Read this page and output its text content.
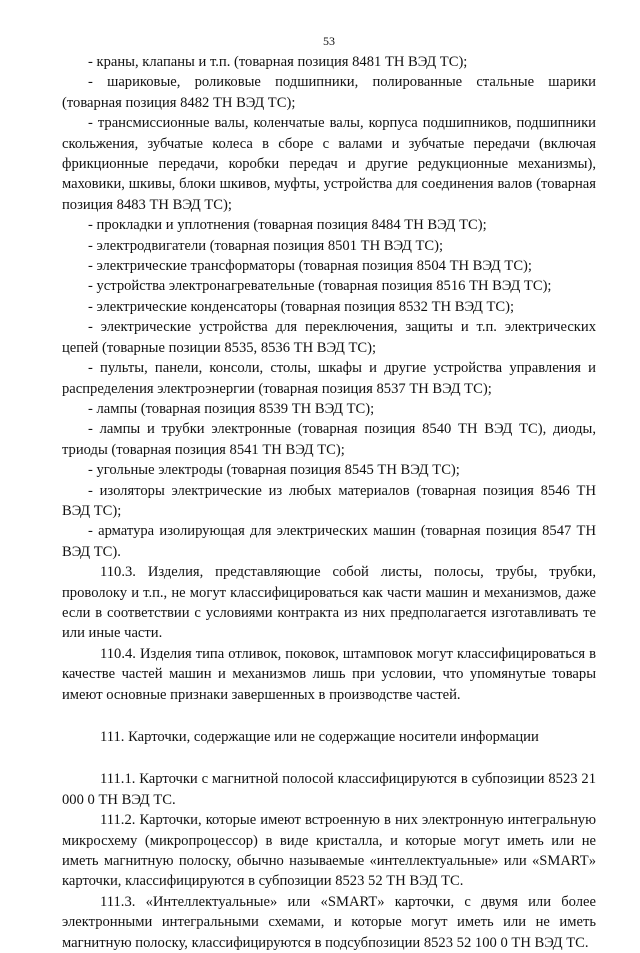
53

- краны, клапаны и т.п. (товарная позиция 8481 ТН ВЭД ТС);

- шариковые, роликовые подшипники, полированные стальные шарики (товарная позиция 8482 ТН ВЭД ТС);

- трансмиссионные валы, коленчатые валы, корпуса подшипников, подшипники скольжения, зубчатые колеса в сборе с валами и зубчатые передачи (включая фрикционные передачи, коробки передач и другие редукционные механизмы), маховики, шкивы, блоки шкивов, муфты, устройства для соединения валов (товарная позиция 8483 ТН ВЭД ТС);

- прокладки и уплотнения (товарная позиция 8484 ТН ВЭД ТС);

- электродвигатели (товарная позиция 8501 ТН ВЭД ТС);

- электрические трансформаторы (товарная позиция 8504 ТН ВЭД ТС);

- устройства электронагревательные (товарная позиция 8516 ТН ВЭД ТС);

- электрические конденсаторы (товарная позиция 8532 ТН ВЭД ТС);

- электрические устройства для переключения, защиты и т.п. электрических цепей (товарные позиции 8535, 8536 ТН ВЭД ТС);

- пульты, панели, консоли, столы, шкафы и другие устройства управления и распределения электроэнергии (товарная позиция 8537 ТН ВЭД ТС);

- лампы (товарная позиция 8539 ТН ВЭД ТС);

- лампы и трубки электронные (товарная позиция 8540 ТН ВЭД ТС), диоды, триоды (товарная позиция 8541 ТН ВЭД ТС);

- угольные электроды (товарная позиция 8545 ТН ВЭД ТС);

- изоляторы электрические из любых материалов (товарная позиция 8546 ТН ВЭД ТС);

- арматура изолирующая для электрических машин (товарная позиция 8547 ТН ВЭД ТС).

110.3. Изделия, представляющие собой листы, полосы, трубы, трубки, проволоку и т.п., не могут классифицироваться как части машин и механизмов, даже если в соответствии с условиями контракта из них предполагается изготавливать те или иные части.

110.4. Изделия типа отливок, поковок, штамповок могут классифицироваться в качестве частей машин и механизмов лишь при условии, что упомянутые товары имеют основные признаки завершенных в производстве частей.

111. Карточки, содержащие или не содержащие носители информации

111.1. Карточки с магнитной полосой классифицируются в субпозиции 8523 21 000 0 ТН ВЭД ТС.

111.2. Карточки, которые имеют встроенную в них электронную интегральную микросхему (микропроцессор) в виде кристалла, и которые могут иметь или не иметь магнитную полоску, обычно называемые «интеллектуальные» или «SMART» карточки, классифицируются в субпозиции 8523 52 ТН ВЭД ТС.

111.3. «Интеллектуальные» или «SMART» карточки, с двумя или более электронными интегральными схемами, и которые могут иметь или не иметь магнитную полоску, классифицируются в подсубпозиции 8523 52 100 0 ТН ВЭД ТС.
